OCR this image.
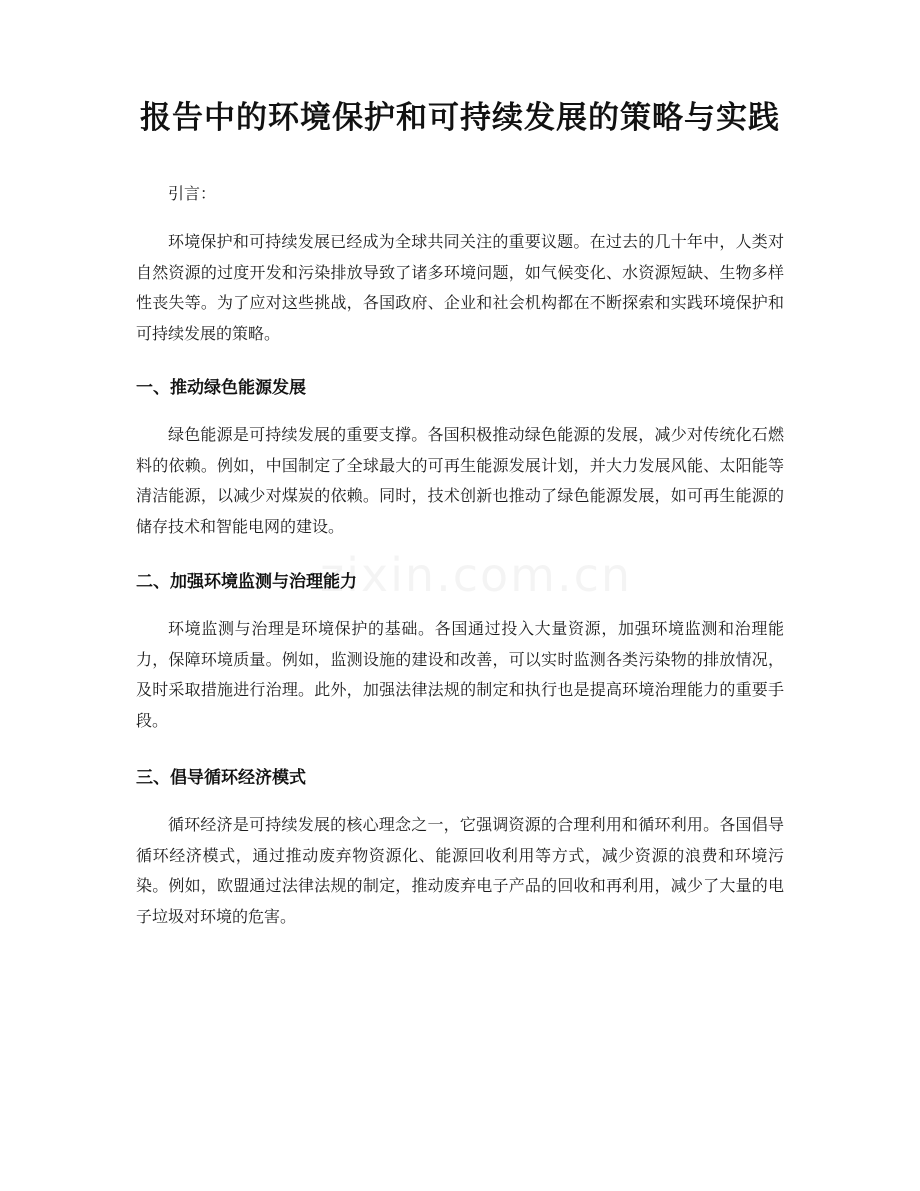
报告中的环境保护和可持续发展的策略与实践

引言：

环境保护和可持续发展已经成为全球共同关注的重要议题。在过去的几十年中，人类对自然资源的过度开发和污染排放导致了诸多环境问题，如气候变化、水资源短缺、生物多样性丧失等。为了应对这些挑战，各国政府、企业和社会机构都在不断探索和实践环境保护和可持续发展的策略。

一、推动绿色能源发展

绿色能源是可持续发展的重要支撑。各国积极推动绿色能源的发展，减少对传统化石燃料的依赖。例如，中国制定了全球最大的可再生能源发展计划，并大力发展风能、太阳能等清洁能源，以减少对煤炭的依赖。同时，技术创新也推动了绿色能源发展，如可再生能源的储存技术和智能电网的建设。

二、加强环境监测与治理能力

环境监测与治理是环境保护的基础。各国通过投入大量资源，加强环境监测和治理能力，保障环境质量。例如，监测设施的建设和改善，可以实时监测各类污染物的排放情况，及时采取措施进行治理。此外，加强法律法规的制定和执行也是提高环境治理能力的重要手段。

三、倡导循环经济模式

循环经济是可持续发展的核心理念之一，它强调资源的合理利用和循环利用。各国倡导循环经济模式，通过推动废弃物资源化、能源回收利用等方式，减少资源的浪费和环境污染。例如，欧盟通过法律法规的制定，推动废弃电子产品的回收和再利用，减少了大量的电子垃圾对环境的危害。
